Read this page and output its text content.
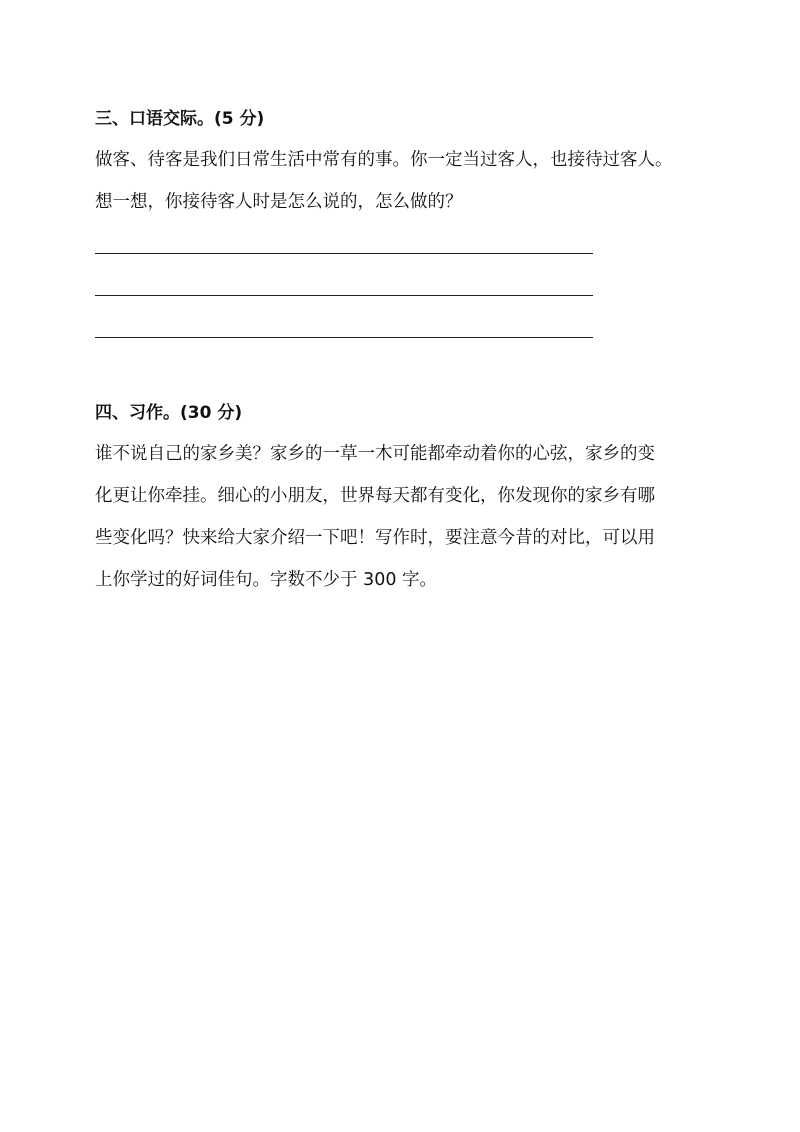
三、口语交际。(5 分)
做客、待客是我们日常生活中常有的事。你一定当过客人，也接待过客人。
想一想，你接待客人时是怎么说的，怎么做的？
四、习作。(30 分)
谁不说自己的家乡美？家乡的一草一木可能都牵动着你的心弦，家乡的变
化更让你牵挂。细心的小朋友，世界每天都有变化，你发现你的家乡有哪
些变化吗？快来给大家介绍一下吧！写作时，要注意今昔的对比，可以用
上你学过的好词佳句。字数不少于 300 字。
